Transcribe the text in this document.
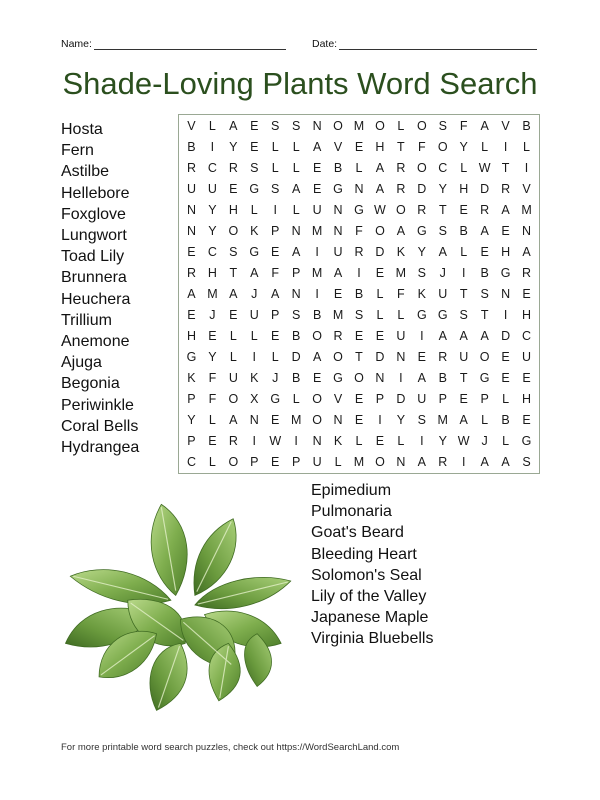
Name:	Date:
Shade-Loving Plants Word Search
Hosta
Fern
Astilbe
Hellebore
Foxglove
Lungwort
Toad Lily
Brunnera
Heuchera
Trillium
Anemone
Ajuga
Begonia
Periwinkle
Coral Bells
Hydrangea
V	L	A	E	S	S N O M O	L	O S	F	A	V	B
B	I	Y	E	L	L	A	V	E H	T	F O Y	L	I	L
R C R S	L	L	E	B	L	A R O C	L W T	I
U U E G S	A	E G N A R D Y H D R V
N Y H	L	I	L	U N G W O R	T	E R A M
N Y O K	P N M N	F O A G S	B	A	E N
E C S G E	A	I	U R D K	Y	A	L	E H A
R H	T	A	F	P M A	I	E M S	J	I	B G R
A M A	J	A N	I	E	B	L	F	K U	T	S N E
E	J	E U P	S	B M S	L	L	G G S	T	I	H
H E	L	L	E	B O R E	E U	I	A	A	A D C
G Y	L	I	L	D A O T	D N E R U O E U
K	F	U K	J	B	E G O N	I	A	B	T G E	E
P	F O X G	L	O V	E	P D U P	E	P	L	H
Y	L	A N E M O N E	I	Y	S M A	L	B	E
P	E R	I	W	I	N K	L	E	L	I	Y W J	L	G
C	L	O P	E	P U	L M O N A R	I	A	A	S
Epimedium
Pulmonaria
Goat's Beard
Bleeding Heart
Solomon's Seal
Lily of the Valley
Japanese Maple
Virginia Bluebells
For more printable word search puzzles, check out https://WordSearchLand.com
